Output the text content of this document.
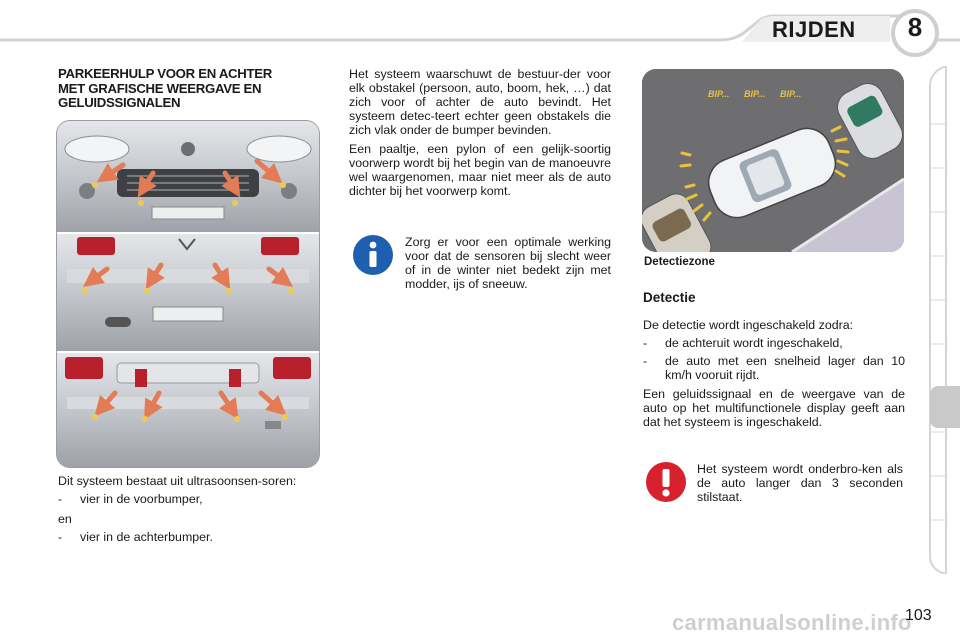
RIJDEN	8
PARKEERHULP VOOR EN ACHTER
MET GRAFISCHE WEERGAVE EN
GELUIDSSIGNALEN

Dit systeem bestaat uit ultrasoonsen-soren:

-	vier in de voorbumper,

en

-	vier in de achterbumper.

Het systeem waarschuwt de bestuur-der voor elk obstakel (persoon, auto, boom, hek, …) dat zich voor of achter de auto bevindt. Het systeem detec-teert echter geen obstakels die zich vlak onder de bumper bevinden.

Een paaltje, een pylon of een gelijk-soortig voorwerp wordt bij het begin van de manoeuvre wel waargenomen, maar niet meer als de auto dichter bij het voorwerp komt.

Zorg er voor een optimale werking voor dat de sensoren bij slecht weer of in de winter niet bedekt zijn met modder, ijs of sneeuw.
BIP... BIP... BIP...
Detectiezone
Detectie

De detectie wordt ingeschakeld zodra:

-	de achteruit wordt ingeschakeld,
-	de auto met een snelheid lager dan 10 km/h vooruit rijdt.

Een geluidssignaal en de weergave van de auto op het multifunctionele display geeft aan dat het systeem is ingeschakeld.

Het systeem wordt onderbro-ken als de auto langer dan 3 seconden stilstaat.
carmanualsonline.info
103
